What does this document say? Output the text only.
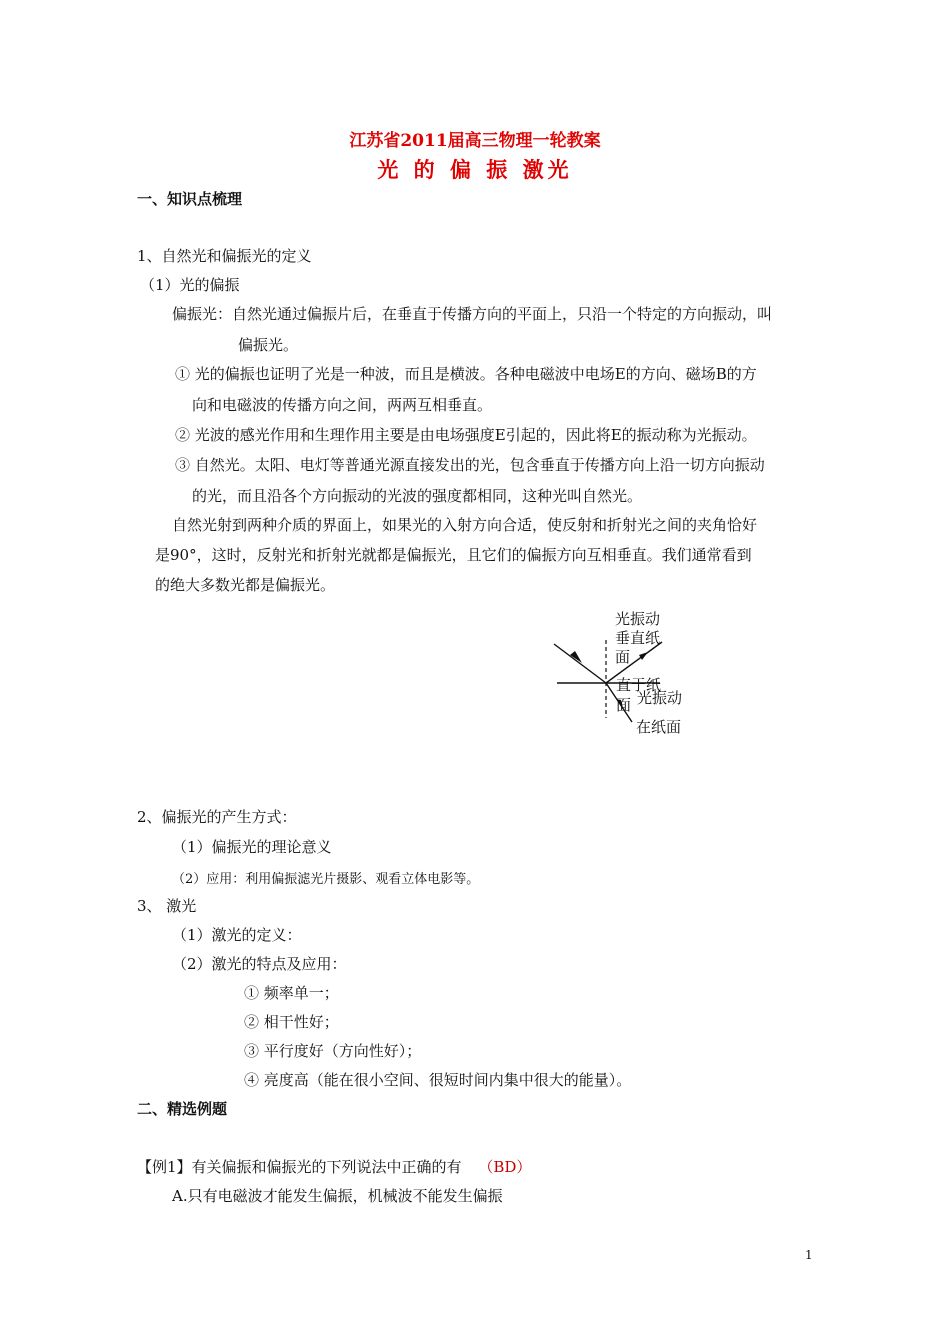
江苏省2011届高三物理一轮教案
光 的 偏 振 激光
一、知识点梳理
1、自然光和偏振光的定义
（1）光的偏振
偏振光：自然光通过偏振片后，在垂直于传播方向的平面上，只沿一个特定的方向振动，叫
偏振光。
① 光的偏振也证明了光是一种波，而且是横波。各种电磁波中电场E的方向、磁场B的方
向和电磁波的传播方向之间，两两互相垂直。
② 光波的感光作用和生理作用主要是由电场强度E引起的，因此将E的振动称为光振动。
③ 自然光。太阳、电灯等普通光源直接发出的光，包含垂直于传播方向上沿一切方向振动
的光，而且沿各个方向振动的光波的强度都相同，这种光叫自然光。
自然光射到两种介质的界面上，如果光的入射方向合适，使反射和折射光之间的夹角恰好
是90°，这时，反射光和折射光就都是偏振光，且它们的偏振方向互相垂直。我们通常看到
的绝大多数光都是偏振光。
光振动
垂直纸
面
直于纸
面 光振动
在纸面
2、偏振光的产生方式：
（1）偏振光的理论意义
（2）应用：利用偏振滤光片摄影、观看立体电影等。
3、 激光
（1）激光的定义：
（2）激光的特点及应用：
① 频率单一；
② 相干性好；
③ 平行度好（方向性好）；
④ 亮度高（能在很小空间、很短时间内集中很大的能量）。
二、精选例题
【例1】有关偏振和偏振光的下列说法中正确的有 （BD）
A.只有电磁波才能发生偏振，机械波不能发生偏振
1
